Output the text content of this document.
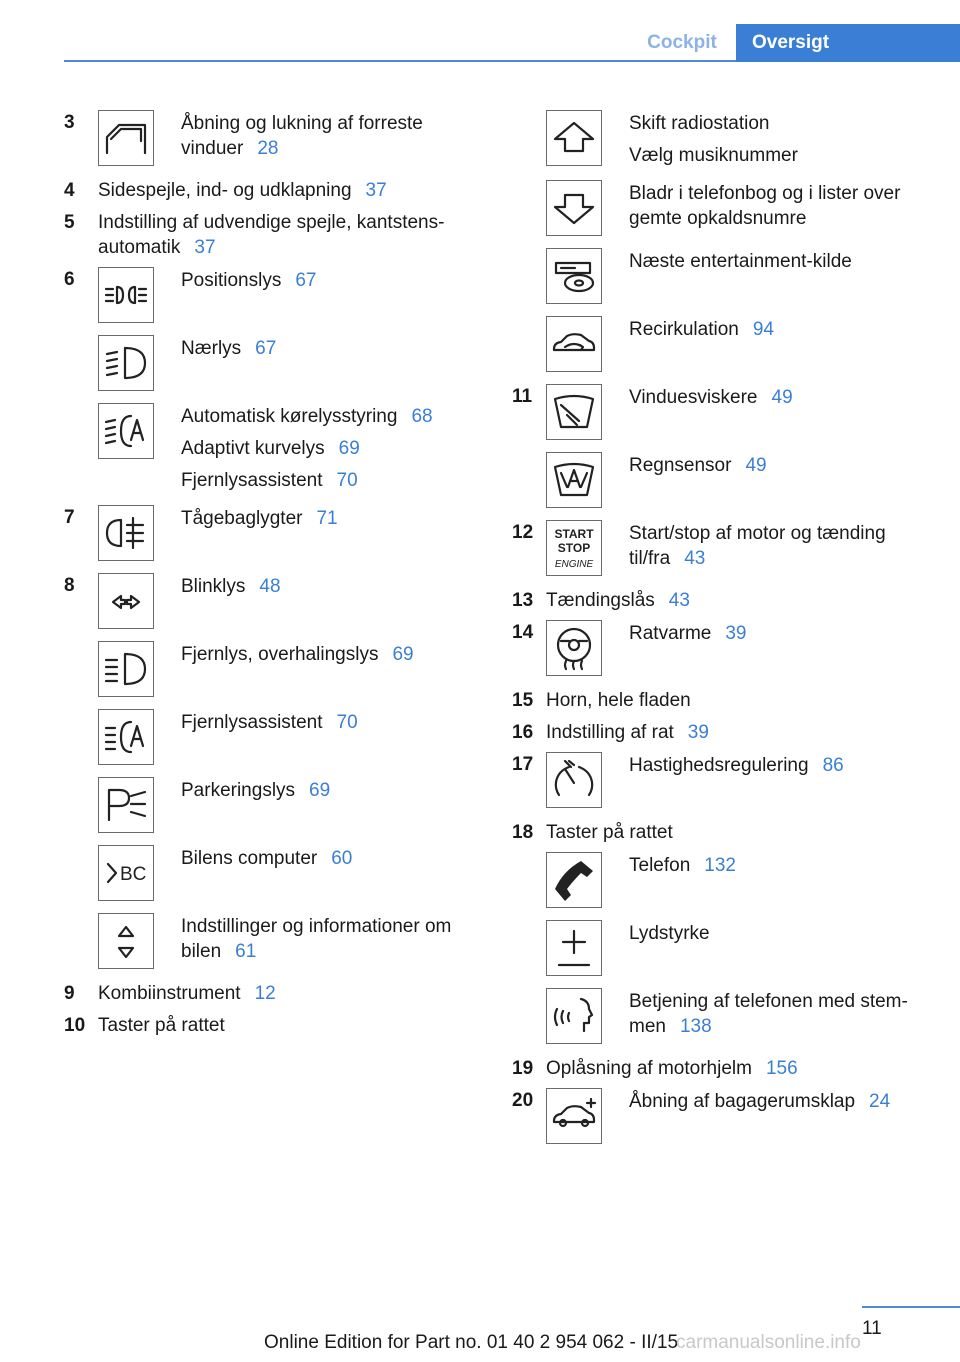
Cockpit	Oversigt
3	Åbning og lukning af forreste vinduer 28
4	Sidespejle, ind- og udklapning 37
5	Indstilling af udvendige spejle, kantstens-automatik 37
6	Positionslys 67
Nærlys 67
Automatisk kørelysstyring 68
Adaptivt kurvelys 69
Fjernlysassistent 70
7	Tågebaglygter 71
8	Blinklys 48
Fjernlys, overhalingslys 69
Fjernlysassistent 70
Parkeringslys 69
BC
Bilens computer 60
Indstillinger og informationer om bilen 61
9	Kombiinstrument 12
10 Taster på rattet
Skift radiostation
Vælg musiknummer
Bladr i telefonbog og i lister over gemte opkaldsnumre
Næste entertainment-kilde
Recirkulation 94
11	Vinduesviskere 49
Regnsensor 49
12	START
STOP
ENGINE
Start/stop af motor og tænding til/fra 43
13 Tændingslås 43
14	Ratvarme 39
15 Horn, hele fladen
16 Indstilling af rat 39
17	Hastighedsregulering 86
18 Taster på rattet
Telefon 132
Lydstyrke
Betjening af telefonen med stem-men 138
19 Oplåsning af motorhjelm 156
20	Åbning af bagagerumsklap 24
11
Online Edition for Part no. 01 40 2 954 062 - II/15
carmanualsonline.info
